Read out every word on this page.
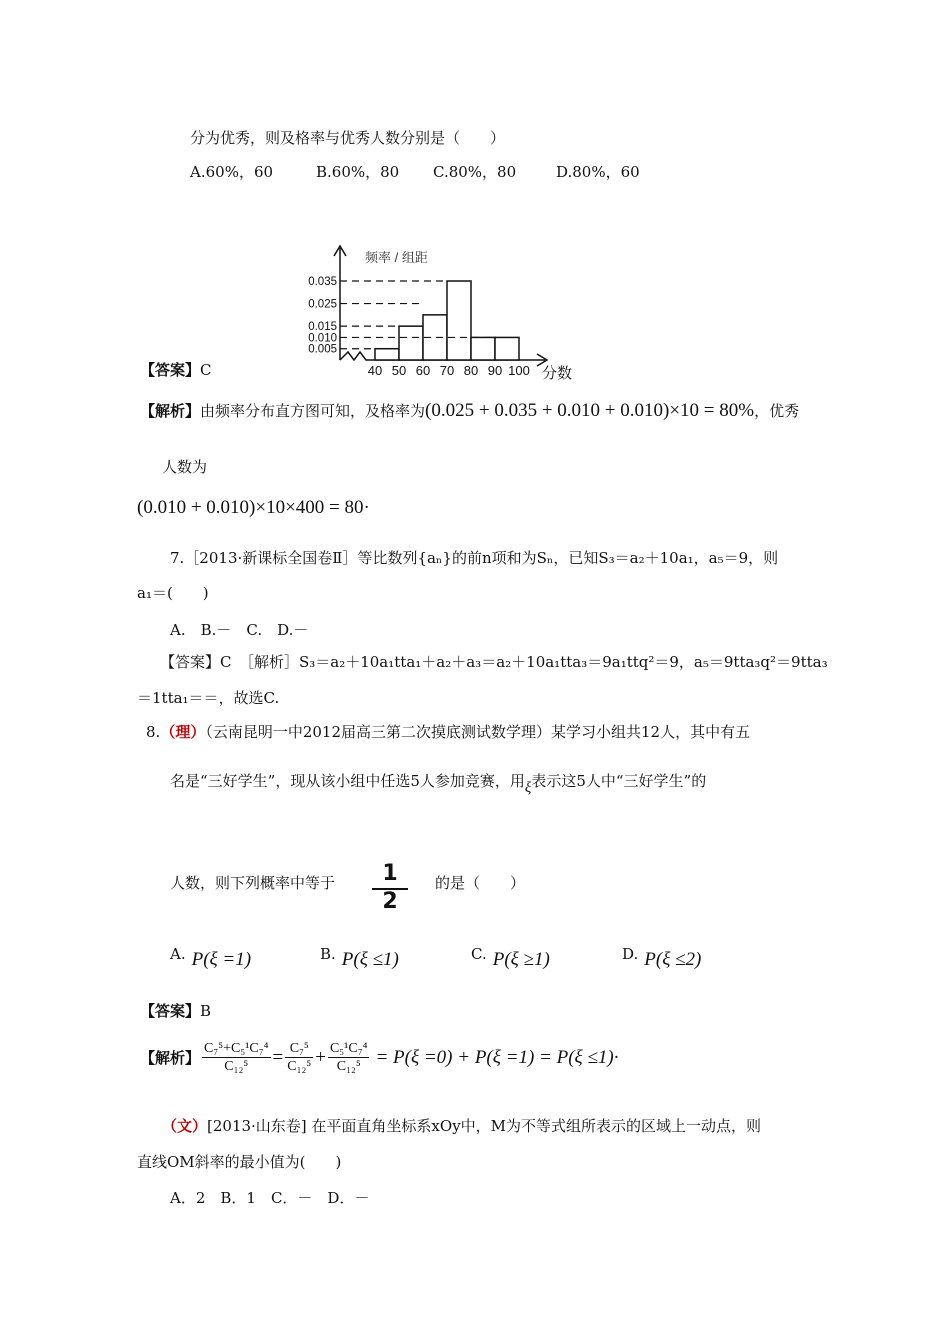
分为优秀，则及格率与优秀人数分别是（　　）
A.60%，60	B.60%，80 C.80%，80	D.80%，60
0.035
0.025
0.015
0.010
0.005
40 50 60 70 80 90 100
频率 / 组距
分数
【答案】C
【解析】由频率分布直方图可知，及格率为(0.025 + 0.035 + 0.010 + 0.010)×10 = 80%，优秀
人数为
(0.010 + 0.010)×10×400 = 80·
7.［2013·新课标全国卷Ⅱ］等比数列{aₙ}的前n项和为Sₙ，已知S₃＝a₂＋10a₁，a₅＝9，则
a₁＝(　　)
A.　B.－　C.　D.－
【答案】C　［解析］S₃＝a₂＋10a₁tta₁＋a₂＋a₃＝a₂＋10a₁tta₃＝9a₁ttq²＝9，a₅＝9tta₃q²＝9tta₃
＝1tta₁＝＝，故选C.
8.（理）（云南昆明一中2012届高三第二次摸底测试数学理）某学习小组共12人，其中有五
名是“三好学生”，现从该小组中任选5人参加竞赛，用ξ表示这5人中“三好学生”的
人数，则下列概率中等于	1
2
的是（　　）
A. P(ξ =1)	B. P(ξ ≤1)	C. P(ξ ≥1)	D. P(ξ ≤2)
【答案】B
【解析】 $\frac{\text{C₇⁵+C₅¹C₇⁴}}{\text{C₁₂⁵}} = \frac{\text{C₇⁵}}{\text{C₁₂⁵}} + \frac{\text{C₅¹C₇⁴}}{\text{C₁₂⁵}} = P(\xi =0) + P(\xi =1) = P(\xi \le 1)\cdot$
（文）[2013·山东卷] 在平面直角坐标系xOy中，M为不等式组所表示的区域上一动点，则
直线OM斜率的最小值为(　　)
A．2　B．1　C．－　D．－
